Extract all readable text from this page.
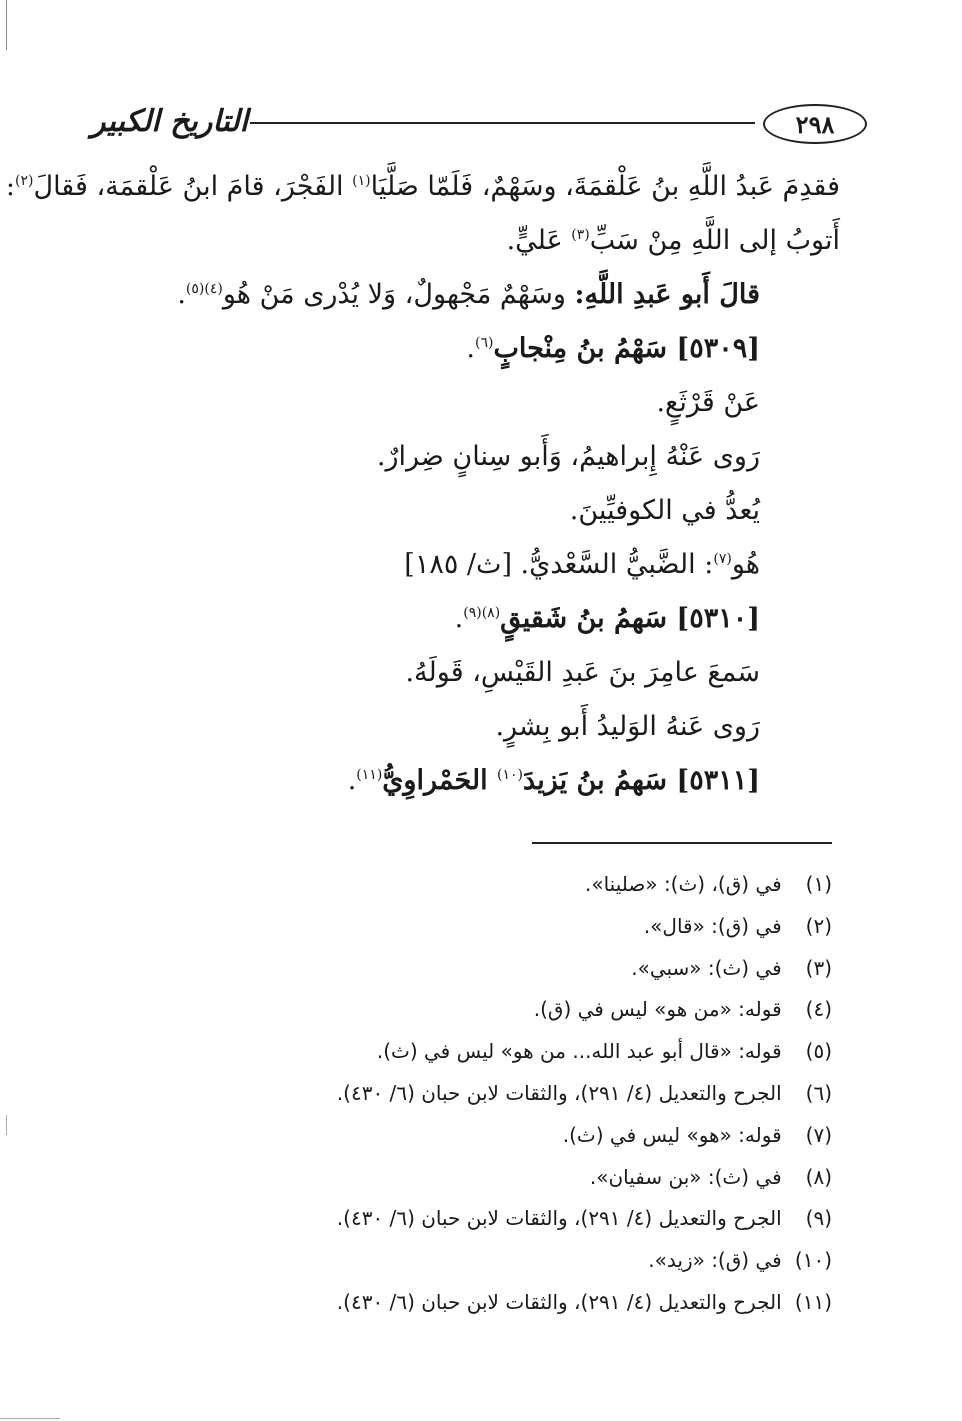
٢٩٨
التاريخ الكبير
فقدِمَ عَبدُ اللَّهِ بنُ عَلْقمَةَ، وسَهْمٌ، فَلَمّا صَلَّيَا$^{(١)}$ الفَجْرَ، قامَ ابنُ عَلْقمَة، فَقالَ$^{(٢)}$:
أَتوبُ إلى اللَّهِ مِنْ سَبِّ$^{(٣)}$ عَليٍّ.
قالَ أَبو عَبدِ اللَّهِ: وسَهْمٌ مَجْهولٌ، وَلا يُدْرى مَنْ هُو$^{(٤)(٥)}$.
[٥٣٠٩] سَهْمُ بنُ مِنْجابٍ$^{(٦)}$.
عَنْ قَرْثَعٍ.
رَوى عَنْهُ إِبراهيمُ، وَأَبو سِنانٍ ضِرارٌ.
يُعدُّ في الكوفيِّينَ.
هُو$^{(٧)}$: الضَّبيُّ السَّعْديُّ. [ث/ ١٨٥]
[٥٣١٠] سَهمُ بنُ شَقيقٍ$^{(٨)(٩)}$.
سَمعَ عامِرَ بنَ عَبدِ القَيْسِ، قَولَهُ.
رَوى عَنهُ الوَليدُ أَبو بِشرٍ.
[٥٣١١] سَهمُ بنُ يَزيدَ$^{(١٠)}$ الحَمْراوِيُّ$^{(١١)}$.
(١) في (ق)، (ث): «صلينا».
(٢) في (ق): «قال».
(٣) في (ث): «سبي».
(٤) قوله: «من هو» ليس في (ق).
(٥) قوله: «قال أبو عبد الله... من هو» ليس في (ث).
(٦) الجرح والتعديل (٤/ ٢٩١)، والثقات لابن حبان (٦/ ٤٣٠).
(٧) قوله: «هو» ليس في (ث).
(٨) في (ث): «بن سفيان».
(٩) الجرح والتعديل (٤/ ٢٩١)، والثقات لابن حبان (٦/ ٤٣٠).
(١٠) في (ق): «زيد».
(١١) الجرح والتعديل (٤/ ٢٩١)، والثقات لابن حبان (٦/ ٤٣٠).
